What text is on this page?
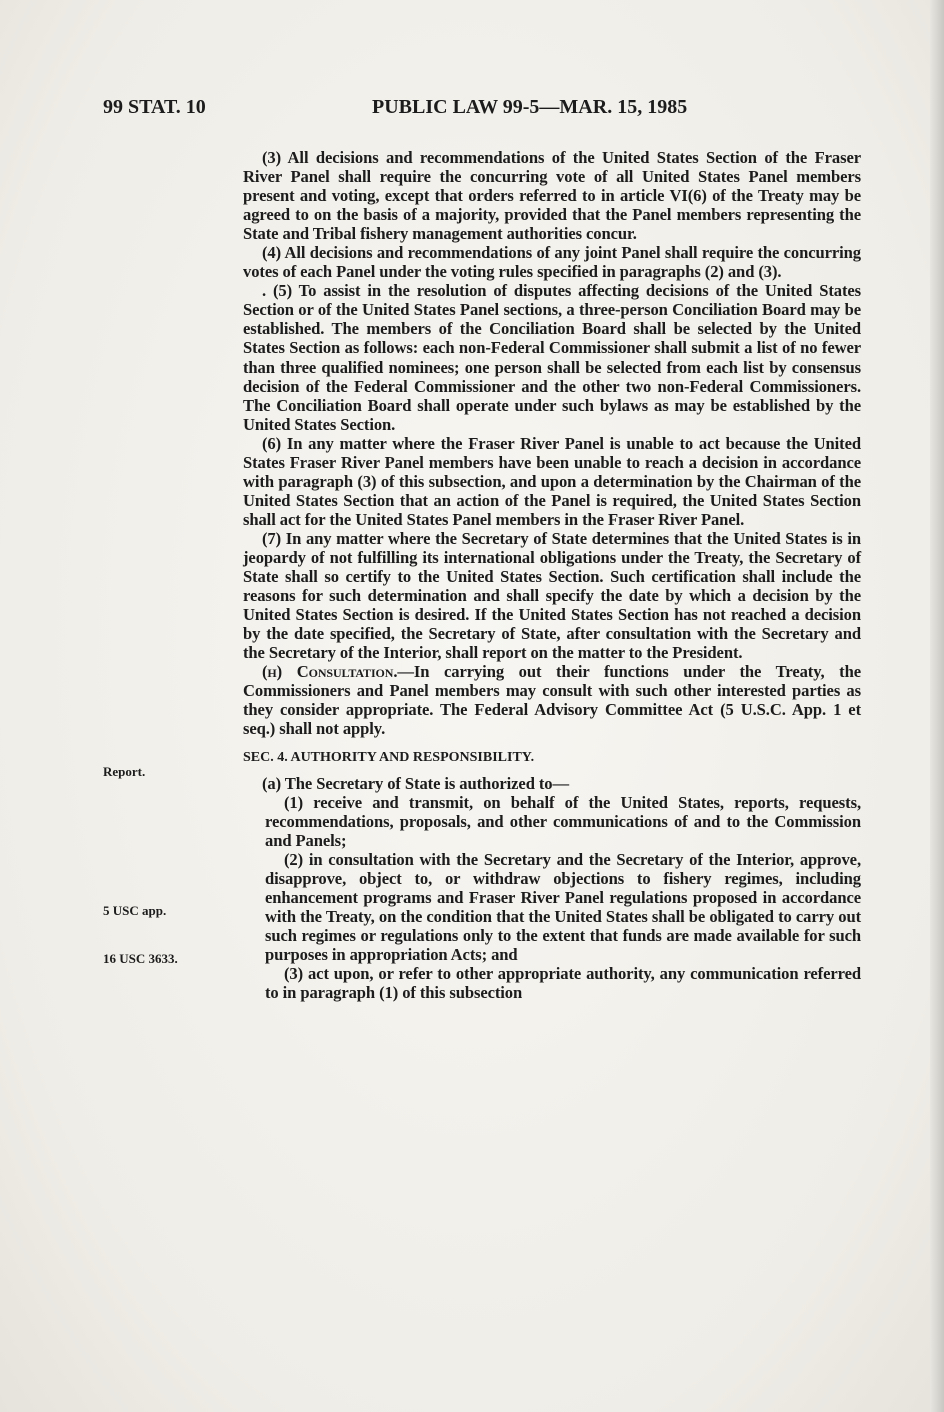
99 STAT. 10	PUBLIC LAW 99-5—MAR. 15, 1985
Report.
5 USC app.
16 USC 3633.

(3) All decisions and recommendations of the United States Section of the Fraser River Panel shall require the concurring vote of all United States Panel members present and voting, except that orders referred to in article VI(6) of the Treaty may be agreed to on the basis of a majority, provided that the Panel members representing the State and Tribal fishery management authorities concur.

(4) All decisions and recommendations of any joint Panel shall require the concurring votes of each Panel under the voting rules specified in paragraphs (2) and (3).

. (5) To assist in the resolution of disputes affecting decisions of the United States Section or of the United States Panel sections, a three-person Conciliation Board may be established. The members of the Conciliation Board shall be selected by the United States Section as follows: each non-Federal Commissioner shall submit a list of no fewer than three qualified nominees; one person shall be selected from each list by consensus decision of the Federal Commissioner and the other two non-Federal Commissioners. The Conciliation Board shall operate under such bylaws as may be established by the United States Section.

(6) In any matter where the Fraser River Panel is unable to act because the United States Fraser River Panel members have been unable to reach a decision in accordance with paragraph (3) of this subsection, and upon a determination by the Chairman of the United States Section that an action of the Panel is required, the United States Section shall act for the United States Panel members in the Fraser River Panel.

(7) In any matter where the Secretary of State determines that the United States is in jeopardy of not fulfilling its international obligations under the Treaty, the Secretary of State shall so certify to the United States Section. Such certification shall include the reasons for such determination and shall specify the date by which a decision by the United States Section is desired. If the United States Section has not reached a decision by the date specified, the Secretary of State, after consultation with the Secretary and the Secretary of the Interior, shall report on the matter to the President.

(h) Consultation.—In carrying out their functions under the Treaty, the Commissioners and Panel members may consult with such other interested parties as they consider appropriate. The Federal Advisory Committee Act (5 U.S.C. App. 1 et seq.) shall not apply.

SEC. 4. AUTHORITY AND RESPONSIBILITY.

(a) The Secretary of State is authorized to—

(1) receive and transmit, on behalf of the United States, reports, requests, recommendations, proposals, and other communications of and to the Commission and Panels;

(2) in consultation with the Secretary and the Secretary of the Interior, approve, disapprove, object to, or withdraw objections to fishery regimes, including enhancement programs and Fraser River Panel regulations proposed in accordance with the Treaty, on the condition that the United States shall be obligated to carry out such regimes or regulations only to the extent that funds are made available for such purposes in appropriation Acts; and

(3) act upon, or refer to other appropriate authority, any communication referred to in paragraph (1) of this subsection
